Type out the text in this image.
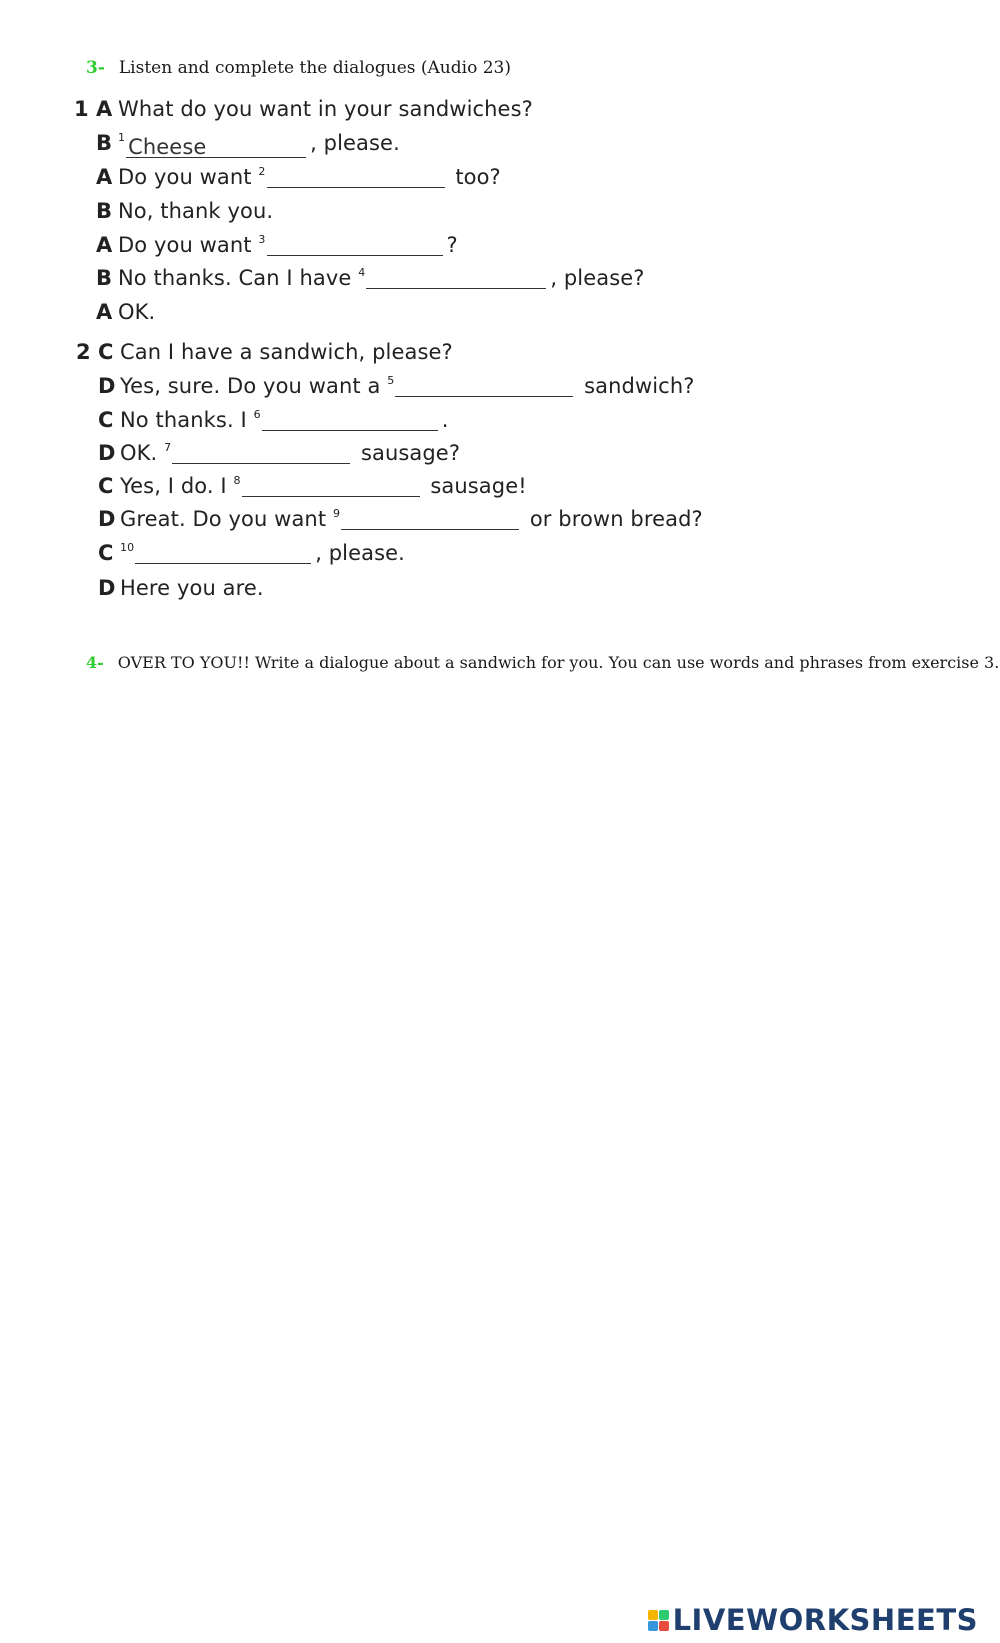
3- Listen and complete the dialogues (Audio 23)
1 A What do you want in your sandwiches?
B $^1$ Cheese	, please.
A Do you want $^2$	too?
B No, thank you.
A Do you want $^3$	?
B No thanks. Can I have $^4$	, please?
A OK.
2 C Can I have a sandwich, please?
D Yes, sure. Do you want a $^5$	sandwich?
C No thanks. I $^6$	.
D OK. $^7$	sausage?
C Yes, I do. I $^8$	sausage!
D Great. Do you want $^9$	or brown bread?
C $^{10}$	, please.
D Here you are.
4- OVER TO YOU!! Write a dialogue about a sandwich for you. You can use words and phrases from exercise 3.
LIVEWORKSHEETS
